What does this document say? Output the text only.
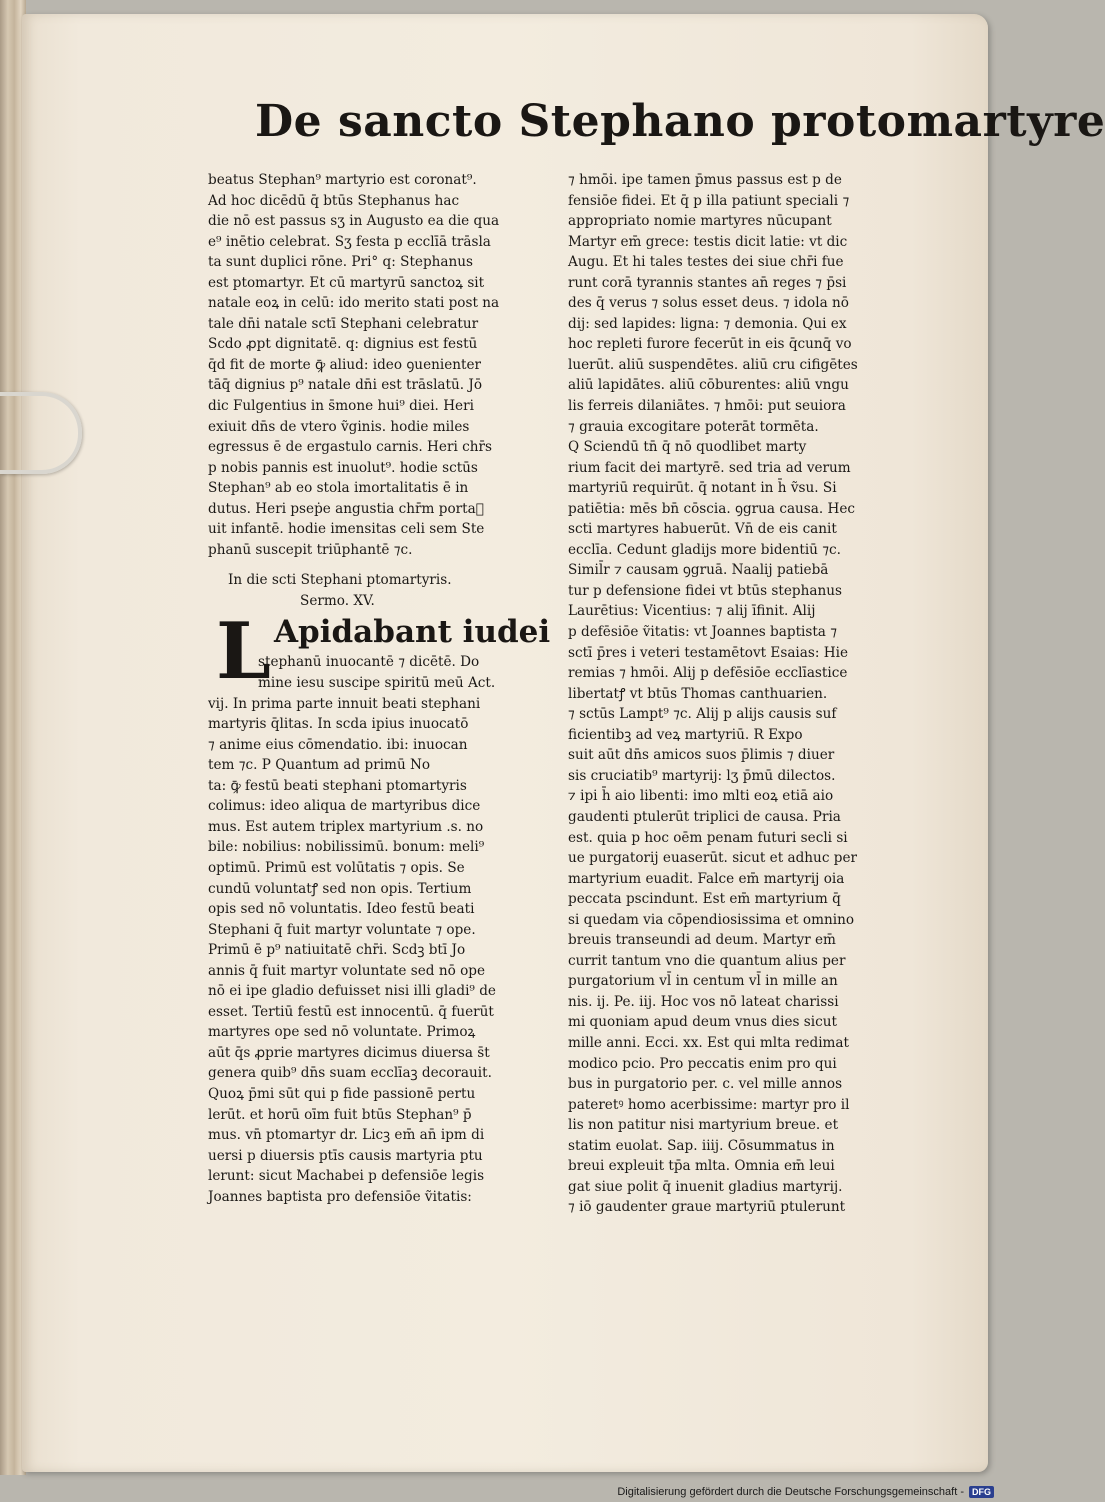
De sancto Stephano protomartyre
beatus Stephan⁹ martyrio est coronat⁹.
Ad hoc dicēdū q̄ btūs Stephanus hac
die nō est passus sʒ in Augusto ea die qua
e⁹ inētio celebrat. Sʒ festa p ecclīā trāsla
ta sunt duplici rōne. Pri° q: Stephanus
est ptomartyr. Et cū martyrū sanctoꝝ sit
natale eoꝝ in celū: ido merito stati post na
tale dn̄i natale sctī Stephani celebratur
Scdo ꝓpt dignitatē. q: dignius est festū
q̄d fit de morte ꝙ̄ aliud: ideo ꝯuenienter
tāq̄ dignius p⁹ natale dn̄i est trāslatū. Jō
dic Fulgentius in s̄mone hui⁹ diei. Heri
exiuit dn̄s de vtero ṽginis. hodie miles
egressus ē de ergastulo carnis. Heri chr̄s
p nobis pannis est inuolut⁹. hodie sctūs
Stephan⁹ ab eo stola imortalitatis ē in
dutus. Heri pseṗe angustia chr̄m portaᷓ
uit infantē. hodie imensitas celi sem Ste
phanū suscepit triūphantē ⁊c.
In die scti Stephani ptomartyris.
Sermo. XV.
L Apidabant iudei
stephanū inuocantē ⁊ dicētē. Do
mine iesu suscipe spiritū meū Act.
vij. In prima parte innuit beati stephani
martyris q̄litas. In scda ipius inuocatō
⁊ anime eius cōmendatio. ibi: inuocan
tem ⁊c. P Quantum ad primū No
ta: ꝙ̄ festū beati stephani ptomartyris
colimus: ideo aliqua de martyribus dice
mus. Est autem triplex martyrium .s. no
bile: nobilius: nobilissimū. bonum: meli⁹
optimū. Primū est volūtatis ⁊ opis. Se
cundū voluntatꝭ sed non opis. Tertium
opis sed nō voluntatis. Ideo festū beati
Stephani q̄ fuit martyr voluntate ⁊ ope.
Primū ē p⁹ natiuitatē chr̄i. Scdꝫ btī Jo
annis q̄ fuit martyr voluntate sed nō ope
nō ei ipe gladio defuisset nisi illi gladi⁹ de
esset. Tertiū festū est innocentū. q̄ fuerūt
martyres ope sed nō voluntate. Primoꝝ
aūt q̄s ꝓprie martyres dicimus diuersa s̄t
genera quib⁹ dn̄s suam ecclīaꝫ decorauit.
Quoꝝ p̄mi sūt qui p fide passionē pertu
lerūt. et horū oīm fuit btūs Stephan⁹ p̄
mus. vn̄ ptomartyr dr. Licꝫ em̄ an̄ ipm di
uersi p diuersis ptīs causis martyria ptu
lerunt: sicut Machabei p defensiōe legis
Joannes baptista pro defensiōe ṽitatis:
⁊ hmōi. ipe tamen p̄mus passus est p de
fensiōe fidei. Et q̄ p illa patiunt speciali ⁊
appropriato nomie martyres nūcupant
Martyr em̄ grece: testis dicit latie: vt dic
Augu. Et hi tales testes dei siue chr̄i fue
runt corā tyrannis stantes an̄ reges ⁊ p̄si
des q̄ verus ⁊ solus esset deus. ⁊ idola nō
dij: sed lapides: ligna: ⁊ demonia. Qui ex
hoc repleti furore fecerūt in eis q̄cunq̄ vo
luerūt. aliū suspendētes. aliū cru cifigētes
aliū lapidātes. aliū cōburentes: aliū vngu
lis ferreis dilaniātes. ⁊ hmōi: put seuiora
⁊ grauia excogitare poterāt tormēta.
Q Sciendū tn̄ q̄ nō quodlibet marty
rium facit dei martyrē. sed tria ad verum
martyriū requirūt. q̄ notant in h̄ ṽsu. Si
patiētia: mēs bn̄ cōscia. ꝯgrua causa. Hec
scti martyres habuerūt. Vn̄ de eis canit
ecclīa. Cedunt gladijs more bidentiū ⁊c.
Simil̄r ⁊ causam ꝯgruā. Naalij patiebā
tur p defensione fidei vt btūs stephanus
Laurētius: Vicentius: ⁊ alij īfinit. Alij
p defēsiōe ṽitatis: vt Joannes baptista ⁊
sctī p̄res i veteri testamētovt Esaias: Hie
remias ⁊ hmōi. Alij p defēsiōe ecclīastice
libertatꝭ vt btūs Thomas canthuarien.
⁊ sctūs Lampt⁹ ⁊c. Alij p alijs causis suf
ficientibꝫ ad veꝝ martyriū. R Expo
suit aūt dn̄s amicos suos p̄limis ⁊ diuer
sis cruciatib⁹ martyrij: lʒ p̄mū dilectos.
⁊ ipi h̄ aio libenti: imo mlti eoꝝ etiā aio
gaudenti ptulerūt triplici de causa. Pria
est. quia p hoc oēm penam futuri secli si
ue purgatorij euaserūt. sicut et adhuc per
martyrium euadit. Falce em̄ martyrij oia
peccata pscindunt. Est em̄ martyrium q̄
si quedam via cōpendiosissima et omnino
breuis transeundi ad deum. Martyr em̄
currit tantum vno die quantum alius per
purgatorium vl̄ in centum vl̄ in mille an
nis. ij. Pe. iij. Hoc vos nō lateat charissi
mi quoniam apud deum vnus dies sicut
mille anni. Ecci. xx. Est qui mlta redimat
modico pcio. Pro peccatis enim pro qui
bus in purgatorio per. c. vel mille annos
pateretꝰ homo acerbissime: martyr pro il
lis non patitur nisi martyrium breue. et
statim euolat. Sap. iiij. Cōsummatus in
breui expleuit tp̄a mlta. Omnia em̄ leui
gat siue polit q̄ inuenit gladius martyrij.
⁊ iō gaudenter graue martyriū ptulerunt
Digitalisierung gefördert durch die Deutsche Forschungsgemeinschaft - DFG
